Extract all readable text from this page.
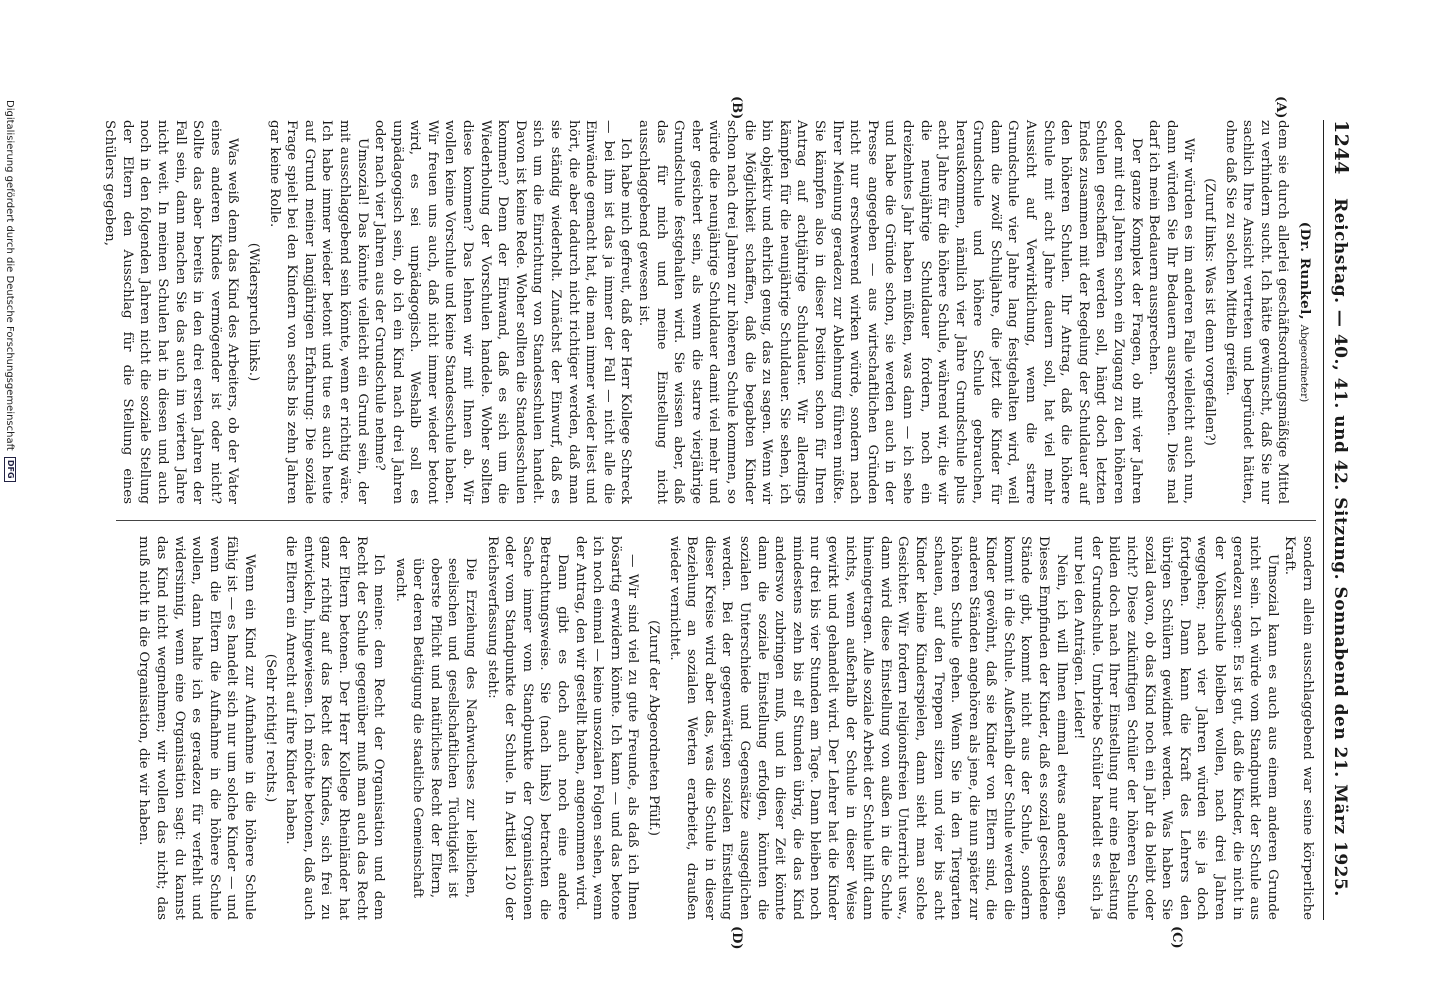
1244
Reichstag. — 40., 41. und 42. Sitzung. Sonnabend den 21. März 1925.
(A)
(B)
(C)
(D)

(Dr. Runkel, Abgeordneter)

dem sie durch allerlei geschäftsordnungsmäßige Mittel zu verhindern sucht. Ich hätte gewünscht, daß Sie nur sachlich Ihre Ansicht vertreten und begründet hätten, ohne daß Sie zu solchen Mitteln greifen.

(Zuruf links: Was ist denn vorgefallen?)

Wir würden es im anderen Falle vielleicht auch nun, dann würden Sie Ihr Bedauern aussprechen. Dies mal darf ich mein Bedauern aussprechen.

Der ganze Komplex der Fragen, ob mit vier Jahren oder mit drei Jahren schon ein Zugang zu den höheren Schulen geschaffen werden soll, hängt doch letzten Endes zusammen mit der Regelung der Schuldauer auf den höheren Schulen. Ihr Antrag, daß die höhere Schule mit acht Jahre dauern soll, hat viel mehr Aussicht auf Verwirklichung, wenn die starre Grundschule vier Jahre lang festgehalten wird, weil dann die zwölf Schuljahre, die jetzt die Kinder für Grundschule und höhere Schule gebrauchen, herauskommen, nämlich vier Jahre Grundschule plus acht Jahre für die höhere Schule, während wir, die wir die neunjährige Schuldauer fordern, noch ein dreizehntes Jahr haben müßten, was dann — ich sehe und habe die Gründe schon, sie werden auch in der Presse angegeben — aus wirtschaftlichen Gründen nicht nur erschwerend wirken würde, sondern nach Ihrer Meinung geradezu zur Ablehnung führen müßte. Sie kämpfen also in dieser Position schon für Ihren Antrag auf achtjährige Schuldauer. Wir allerdings kämpfen für die neunjährige Schuldauer. Sie sehen, ich bin objektiv und ehrlich genug, das zu sagen. Wenn wir die Möglichkeit schaffen, daß die begabten Kinder schon nach drei Jahren zur höheren Schule kommen, so würde die neunjährige Schuldauer damit viel mehr und eher gesichert sein, als wenn die starre vierjährige Grundschule festgehalten wird. Sie wissen aber, daß das für mich und meine Einstellung nicht ausschlaggebend gewesen ist.

Ich habe mich gefreut, daß der Herr Kollege Schreck — bei ihm ist das ja immer der Fall — nicht alle die Einwände gemacht hat, die man immer wieder liest und hört, die aber dadurch nicht richtiger werden, daß man sie ständig wiederholt. Zunächst der Einwurf, daß es sich um die Einrichtung von Standesschulen handelt. Davon ist keine Rede. Woher sollten die Standesschulen kommen? Denn der Einwand, daß es sich um die Wiederholung der Vorschulen handele. Woher sollten diese kommen? Das lehnen wir mit Ihnen ab. Wir wollen keine Vorschule und keine Standesschule haben. Wir freuen uns auch, daß nicht immer wieder betont wird, es sei unpädagogisch. Weshalb soll es unpädagogisch sein, ob ich ein Kind nach drei Jahren oder nach vier Jahren aus der Grundschule nehme?

Umsozial! Das könnte vielleicht ein Grund sein, der mit ausschlaggebend sein könnte, wenn er richtig wäre. Ich habe immer wieder betont und tue es auch heute auf Grund meiner langjährigen Erfahrung: Die soziale Frage spielt bei den Kindern von sechs bis zehn Jahren gar keine Rolle.

(Widerspruch links.)

Was weiß denn das Kind des Arbeiters, ob der Vater eines anderen Kindes vermögender ist oder nicht? Sollte das aber bereits in den drei ersten Jahren der Fall sein, dann machen Sie das auch im vierten Jahre nicht weit. In meinen Schulen hat in diesen und auch noch in den folgenden Jahren nicht die soziale Stellung der Eltern den Ausschlag für die Stellung eines Schülers gegeben,

sondern allein ausschlaggebend war seine körperliche Kraft.

Umsozial kann es auch aus einem anderen Grunde nicht sein. Ich würde vom Standpunkt der Schule aus geradezu sagen: Es ist gut, daß die Kinder, die nicht in der Volksschule bleiben wollen, nach drei Jahren weggehen; nach vier Jahren würden sie ja doch fortgehen. Dann kann die Kraft des Lehrers den übrigen Schülern gewidmet werden. Was haben Sie sozial davon, ob das Kind noch ein Jahr da bleibt oder nicht? Diese zukünftigen Schüler der höheren Schule bilden doch nach Ihrer Einstellung nur eine Belastung der Grundschule. Umbriebe Schüler handelt es sich ja nur bei den Anträgen. Leider!

Nein, ich will Ihnen einmal etwas anderes sagen. Dieses Empfinden der Kinder, daß es sozial geschiedene Stände gibt, kommt nicht aus der Schule, sondern kommt in die Schule. Außerhalb der Schule werden die Kinder gewöhnt, daß sie Kinder von Eltern sind, die anderen Ständen angehören als jene, die nun später zur höheren Schule gehen. Wenn Sie in den Tiergarten schauen, auf den Treppen sitzen und vier bis acht Kinder kleine Kinderspielen, dann sieht man solche Gesichter. Wir fordern religionsfreien Unterricht usw., dann wird diese Einstellung von außen in die Schule hineingetragen. Alle soziale Arbeit der Schule hilft dann nichts, wenn außerhalb der Schule in dieser Weise gewirkt und gehandelt wird. Der Lehrer hat die Kinder nur drei bis vier Stunden am Tage. Dann bleiben noch mindestens zehn bis elf Stunden übrig, die das Kind anderswo zubringen muß, und in dieser Zeit könnte dann die soziale Einstellung erfolgen, könnten die sozialen Unterschiede und Gegensätze ausgeglichen werden. Bei der gegenwärtigen sozialen Einstellung dieser Kreise wird aber das, was die Schule in dieser Beziehung an sozialen Werten erarbeitet, draußen wieder vernichtet.

(Zuruf der Abgeordneten Pfülf.)

— Wir sind viel zu gute Freunde, als daß ich Ihnen bösartig erwidern könnte. Ich kann — und das betone ich noch einmal — keine unsozialen Folgen sehen, wenn der Antrag, den wir gestellt haben, angenommen wird.

Dann gibt es doch auch noch eine andere Betrachtungsweise. Sie (nach links) betrachten die Sache immer vom Standpunkte der Organisationen oder vom Standpunkte der Schule. In Artikel 120 der Reichsverfassung steht:

Die Erziehung des Nachwuchses zur leiblichen, seelischen und gesellschaftlichen Tüchtigkeit ist oberste Pflicht und natürliches Recht der Eltern, über deren Betätigung die staatliche Gemeinschaft wacht.

Ich meine: dem Recht der Organisation und dem Recht der Schule gegenüber muß man auch das Recht der Eltern betonen. Der Herr Kollege Rheinländer hat ganz richtig auf das Recht des Kindes, sich frei zu entwickeln, hingewiesen. Ich möchte betonen, daß auch die Eltern ein Anrecht auf ihre Kinder haben.

(Sehr richtig! rechts.)

Wenn ein Kind zur Aufnahme in die höhere Schule fähig ist — es handelt sich nur um solche Kinder — und wenn die Eltern die Aufnahme in die höhere Schule wollen, dann halte ich es geradezu für verfehlt und widersinnig, wenn eine Organisation sagt: du kannst das Kind nicht wegnehmen; wir wollen das nicht; das muß nicht in die Organisation, die wir haben.

Digitalisierung gefördert durch die Deutsche Forschungsgemeinschaft
DFG
